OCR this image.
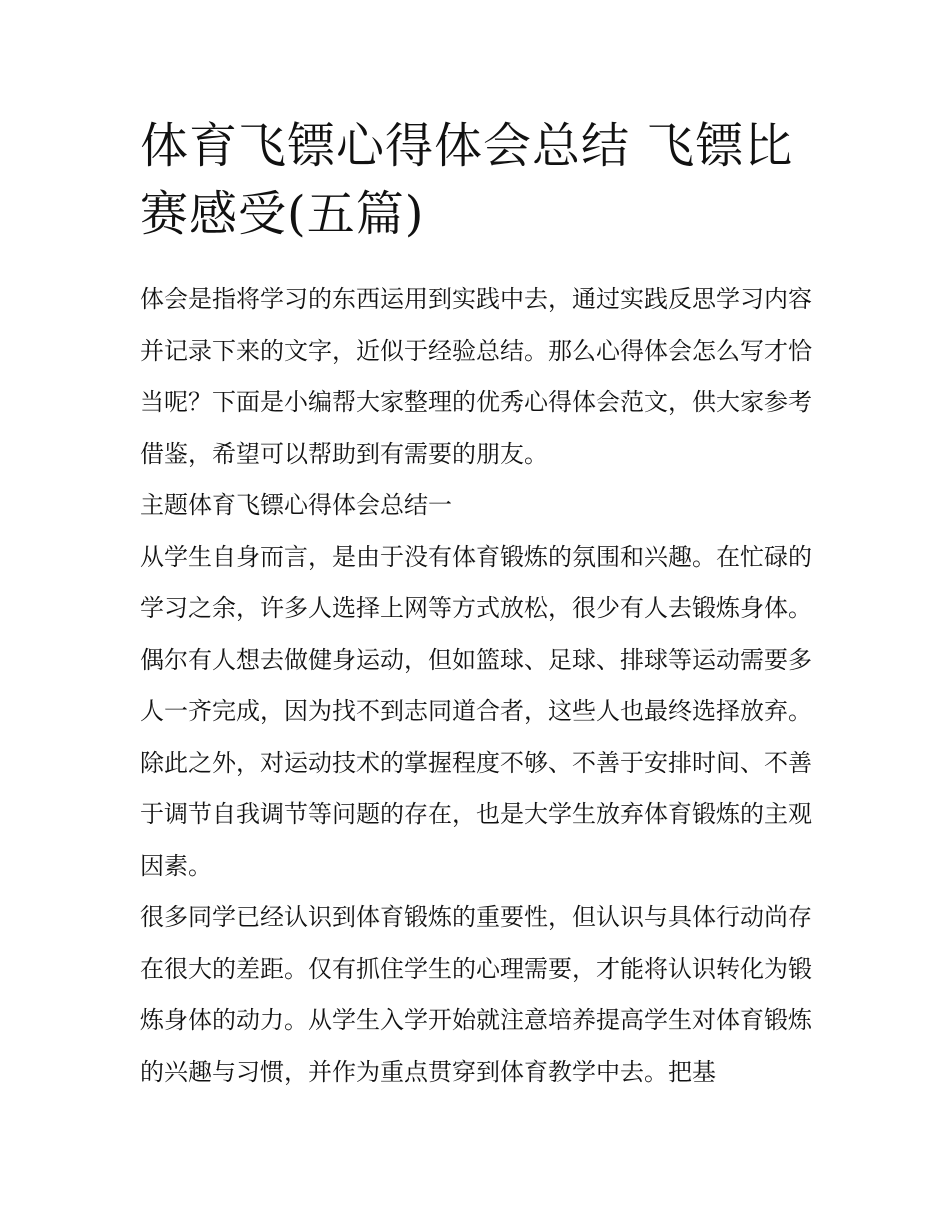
体育飞镖心得体会总结 飞镖比赛感受(五篇)

体会是指将学习的东西运用到实践中去，通过实践反思学习内容并记录下来的文字，近似于经验总结。那么心得体会怎么写才恰当呢？下面是小编帮大家整理的优秀心得体会范文，供大家参考借鉴，希望可以帮助到有需要的朋友。

主题体育飞镖心得体会总结一

从学生自身而言，是由于没有体育锻炼的氛围和兴趣。在忙碌的学习之余，许多人选择上网等方式放松，很少有人去锻炼身体。偶尔有人想去做健身运动，但如篮球、足球、排球等运动需要多人一齐完成，因为找不到志同道合者，这些人也最终选择放弃。除此之外，对运动技术的掌握程度不够、不善于安排时间、不善于调节自我调节等问题的存在，也是大学生放弃体育锻炼的主观因素。

很多同学已经认识到体育锻炼的重要性，但认识与具体行动尚存在很大的差距。仅有抓住学生的心理需要，才能将认识转化为锻炼身体的动力。从学生入学开始就注意培养提高学生对体育锻炼的兴趣与习惯，并作为重点贯穿到体育教学中去。把基
